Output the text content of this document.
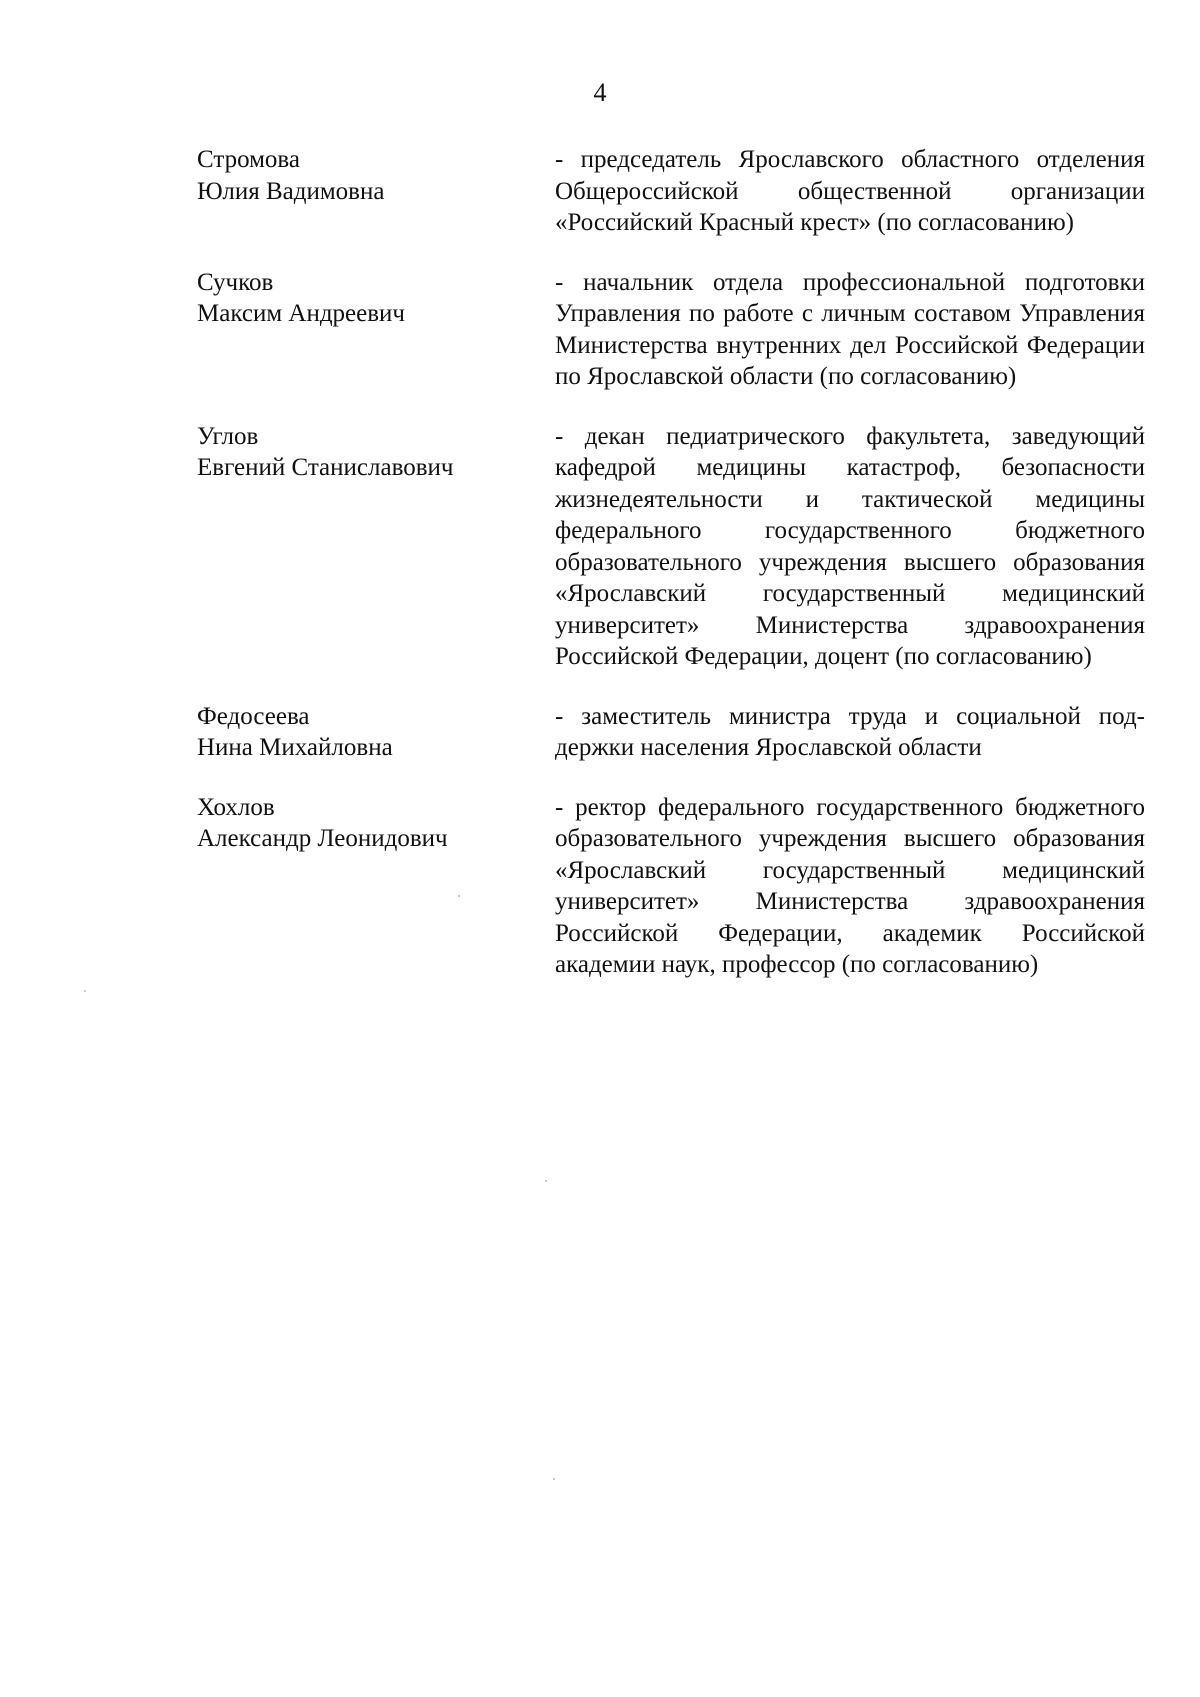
4
Стромова
Юлия Вадимовна
- председатель Ярославского областного отделения Общероссийской общественной организации «Российский Красный крест» (по согласованию)
Сучков
Максим Андреевич
- начальник отдела профессиональной подготовки Управления по работе с личным составом Управления Министерства внутренних дел Российской Федерации по Ярославской области (по согласованию)
Углов
Евгений Станиславович
- декан педиатрического факультета, заведующий кафедрой медицины катастроф, безопасности жизнедеятельности и тактической медицины федерального государственного бюджетного образовательного учреждения высшего образования «Ярославский государственный медицинский университет» Министерства здравоохранения Российской Федерации, доцент (по согласованию)
Федосеева
Нина Михайловна
- заместитель министра труда и социальной поддержки населения Ярославской области
Хохлов
Александр Леонидович
- ректор федерального государственного бюджетного образовательного учреждения высшего образования «Ярославский государственный медицинский университет» Министерства здравоохранения Российской Федерации, академик Российской академии наук, профессор (по согласованию)
